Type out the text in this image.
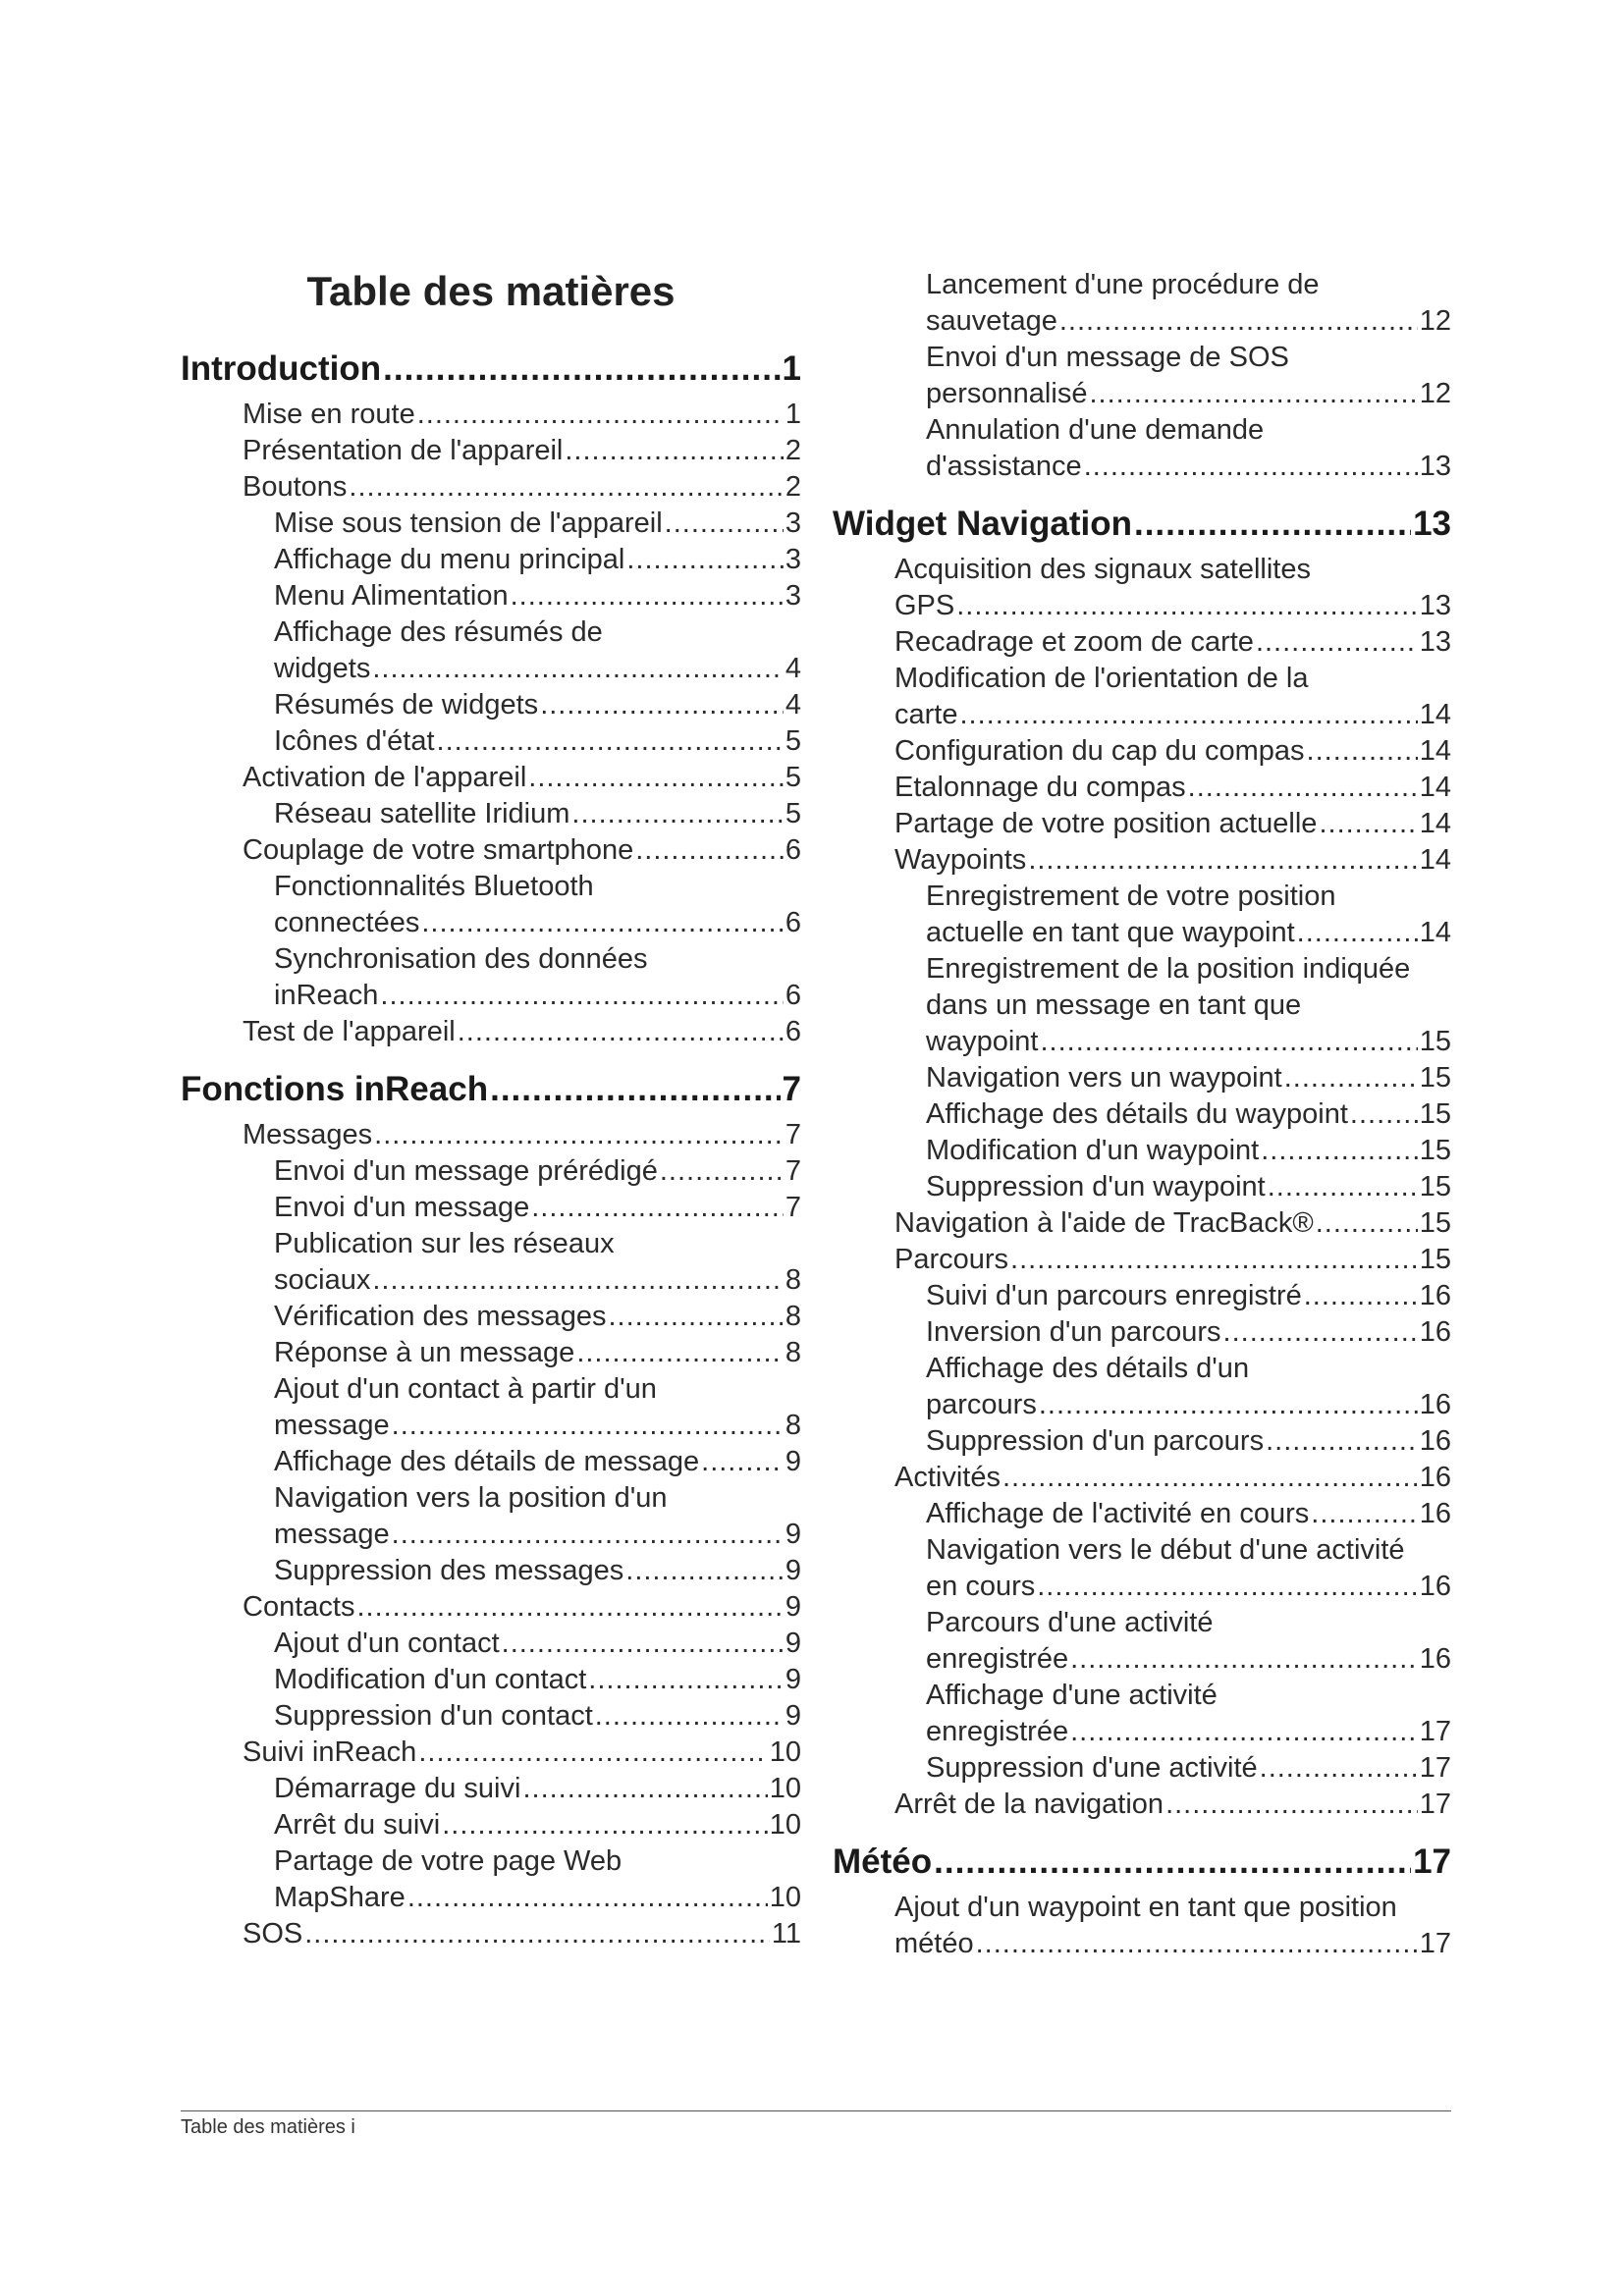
Table des matières
Introduction .....	1
Mise en route .....	1
Présentation de l'appareil .....	2
Boutons .....	2
Mise sous tension de l'appareil .....	3
Affichage du menu principal .....	3
Menu Alimentation .....	3
Affichage des résumés de
widgets .....	4
Résumés de widgets .....	4
Icônes d'état .....	5
Activation de l'appareil .....	5
Réseau satellite Iridium .....	5
Couplage de votre smartphone .....	6
Fonctionnalités Bluetooth
connectées .....	6
Synchronisation des données
inReach .....	6
Test de l'appareil .....	6
Fonctions inReach .....	7
Messages .....	7
Envoi d'un message prérédigé .....	7
Envoi d'un message .....	7
Publication sur les réseaux
sociaux .....	8
Vérification des messages .....	8
Réponse à un message .....	8
Ajout d'un contact à partir d'un
message .....	8
Affichage des détails de message .....	9
Navigation vers la position d'un
message .....	9
Suppression des messages .....	9
Contacts .....	9
Ajout d'un contact .....	9
Modification d'un contact .....	9
Suppression d'un contact .....	9
Suivi inReach .....	10
Démarrage du suivi .....	10
Arrêt du suivi .....	10
Partage de votre page Web
MapShare .....	10
SOS .....	11
Lancement d'une procédure de
sauvetage .....	12
Envoi d'un message de SOS
personnalisé .....	12
Annulation d'une demande
d'assistance .....	13
Widget Navigation .....	13
Acquisition des signaux satellites
GPS .....	13
Recadrage et zoom de carte .....	13
Modification de l'orientation de la
carte .....	14
Configuration du cap du compas .....	14
Etalonnage du compas .....	14
Partage de votre position actuelle .....	14
Waypoints .....	14
Enregistrement de votre position
actuelle en tant que waypoint .....	14
Enregistrement de la position indiquée
dans un message en tant que
waypoint .....	15
Navigation vers un waypoint .....	15
Affichage des détails du waypoint .....	15
Modification d'un waypoint .....	15
Suppression d'un waypoint .....	15
Navigation à l'aide de TracBack® .....	15
Parcours .....	15
Suivi d'un parcours enregistré .....	16
Inversion d'un parcours .....	16
Affichage des détails d'un
parcours .....	16
Suppression d'un parcours .....	16
Activités .....	16
Affichage de l'activité en cours .....	16
Navigation vers le début d'une activité
en cours .....	16
Parcours d'une activité
enregistrée .....	16
Affichage d'une activité
enregistrée .....	17
Suppression d'une activité .....	17
Arrêt de la navigation .....	17
Météo .....	17
Ajout d'un waypoint en tant que position
météo .....	17
Table des matières i
